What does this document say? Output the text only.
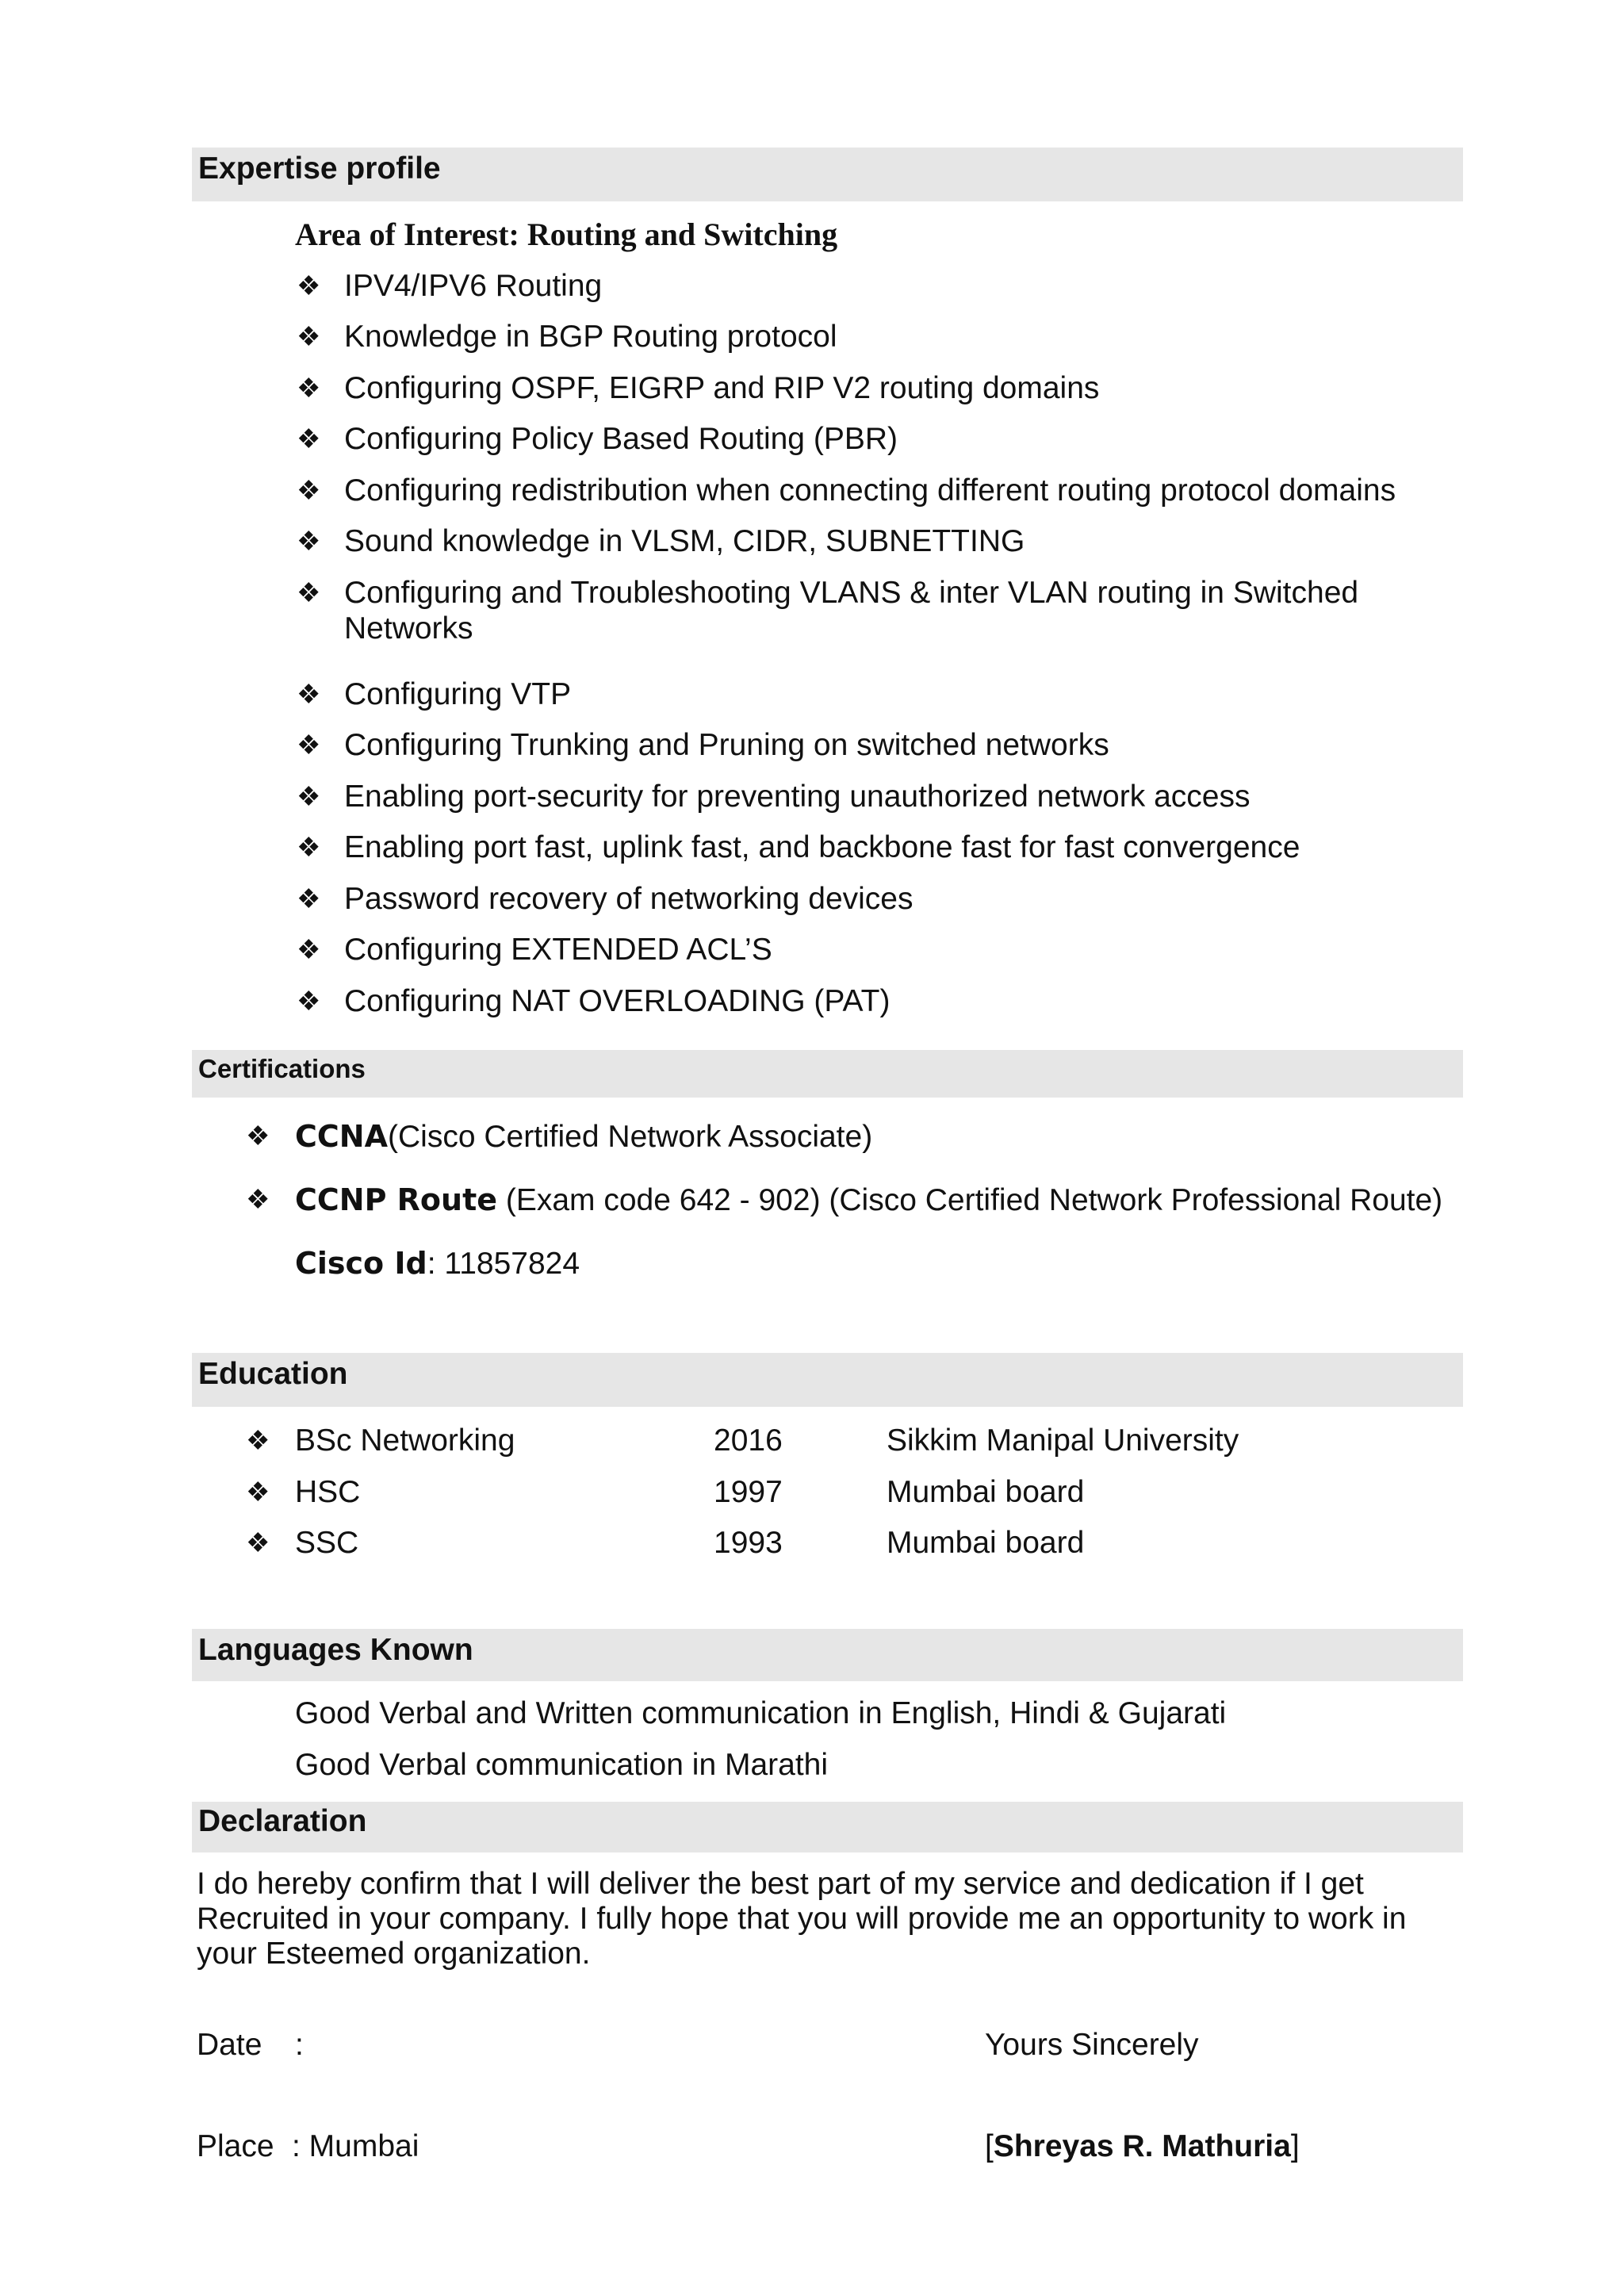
Expertise profile
Area of Interest: Routing and Switching
❖ IPV4/IPV6 Routing
❖ Knowledge in BGP Routing protocol
❖ Configuring OSPF, EIGRP and RIP V2 routing domains
❖ Configuring Policy Based Routing (PBR)
❖ Configuring redistribution when connecting different routing protocol domains
❖ Sound knowledge in VLSM, CIDR, SUBNETTING
❖ Configuring and Troubleshooting VLANS & inter VLAN routing in Switched
❖ Configuring VTP
❖ Configuring Trunking and Pruning on switched networks
❖ Enabling port-security for preventing unauthorized network access
❖ Enabling port fast, uplink fast, and backbone fast for fast convergence
❖ Password recovery of networking devices
❖ Configuring EXTENDED ACL’S
❖ Configuring NAT OVERLOADING (PAT)
Networks
Certifications
❖ CCNA(Cisco Certified Network Associate)
❖ CCNP Route (Exam code 642 - 902) (Cisco Certified Network Professional Route)
Cisco Id: 11857824
Education
❖ BSc Networking	2016	Sikkim Manipal University
❖ HSC	1997	Mumbai board
❖ SSC	1993	Mumbai board
Languages Known
Good Verbal and Written communication in English, Hindi & Gujarati
Good Verbal communication in Marathi
Declaration
I do hereby confirm that I will deliver the best part of my service and dedication if I get
Recruited in your company. I fully hope that you will provide me an opportunity to work in
your Esteemed organization.
Date :	Yours Sincerely
Place : Mumbai	[Shreyas R. Mathuria]
